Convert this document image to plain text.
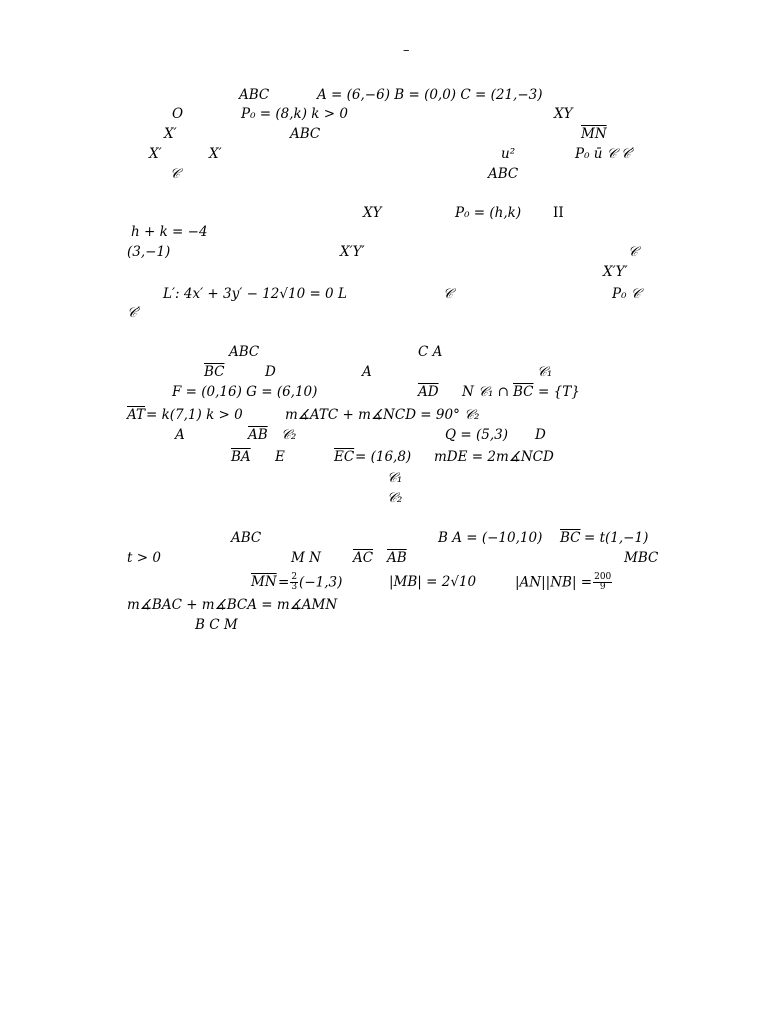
–
ABC	A = (6,−6) B = (0,0) C = (21,−3)
O	P₀ = (8,k) k > 0	XY
X′	ABC	$\overline{MN}$
X′	X′	u²	P₀ ū 𝒞 𝒞′
𝒞	ABC
XY	P₀ = (h,k) II
h + k = −4
(3,−1)	X′Y′	𝒞
X′Y′
L′: 4x′ + 3y′ − 12√10 = 0 L	𝒞	P₀ 𝒞
𝒞′
ABC	C A
$\overline{BC}$	D	A	𝒞₁
F = (0,16) G = (6,10)	$\overline{AD}$ N 𝒞₁ ∩ $\overline{BC} = \{T\}$
$\overline{AT} = k(7,1) k > 0$	m∡ATC + m∡NCD = 90° 𝒞₂
A	$\overline{AB}$ 𝒞₂	Q = (5,3) D
$\overline{BA}$ E	$\overline{EC} = (16,8)$ mDE = 2m∡NCD
𝒞₁
𝒞₂
ABC	B A = (−10,10) $\overline{BC} = t(1,-1)$
t > 0	M N $\overline{AC}$ $\overline{AB}$	MBC
$\overline{MN} = \frac{2}{3} (-1,3)$	|MB| = 2√10	$|AN||NB| = \frac{200}{9}$
m∡BAC + m∡BCA = m∡AMN
B C M
